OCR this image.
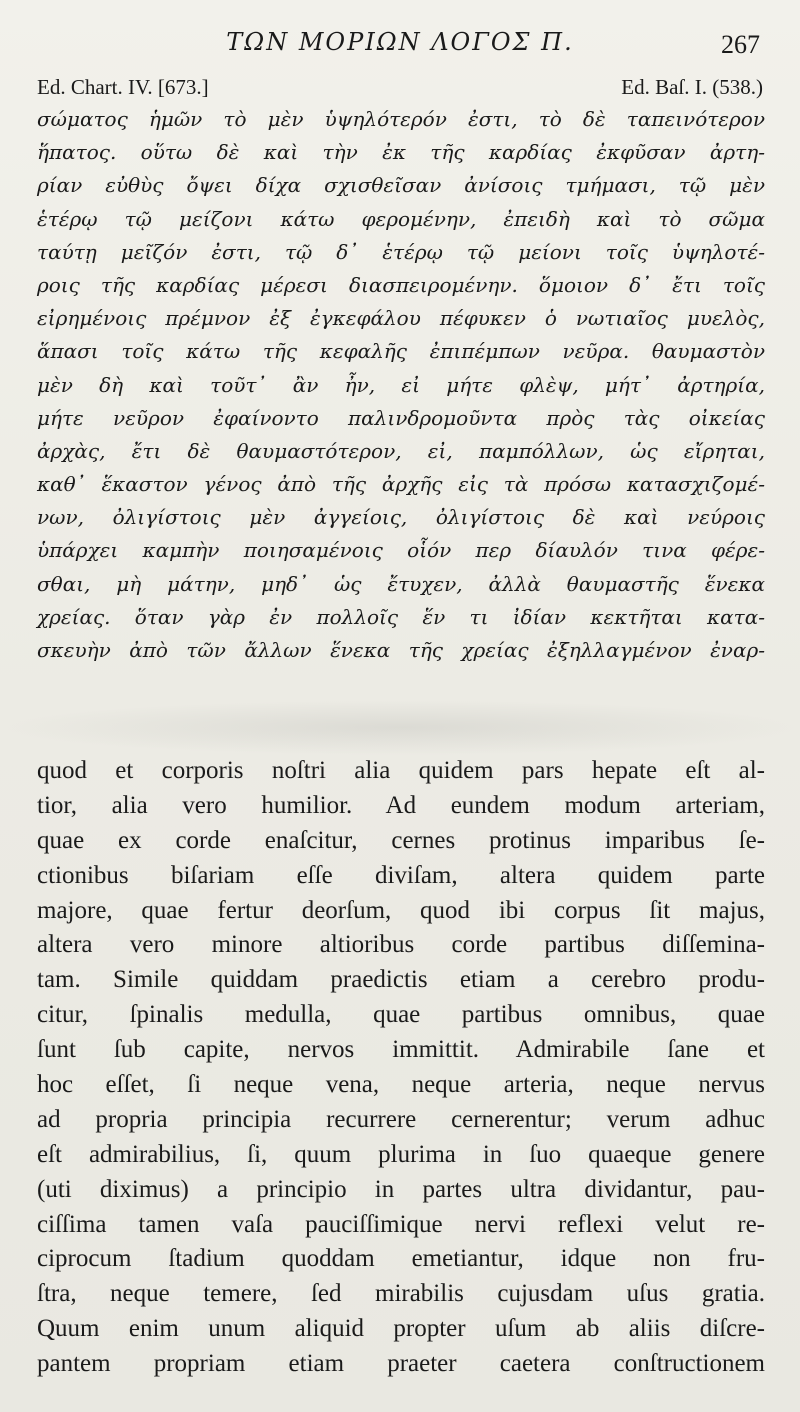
ΤΩΝ ΜΟΡΙΩΝ ΛΟΓΟΣ Π.	267
Ed. Chart. IV. [673.]	Ed. Baſ. I. (538.)
σώματος ἡμῶν τὸ μὲν ὑψηλότερόν ἐστι, τὸ δὲ ταπεινότερον
ἥπατος. οὕτω δὲ καὶ τὴν ἐκ τῆς καρδίας ἐκφῦσαν ἀρτη-
ρίαν εὐθὺς ὄψει δίχα σχισθεῖσαν ἀνίσοις τμήμασι, τῷ μὲν
ἑτέρῳ τῷ μείζονι κάτω φερομένην, ἐπειδὴ καὶ τὸ σῶμα
ταύτῃ μεῖζόν ἐστι, τῷ δ᾽ ἑτέρῳ τῷ μείονι τοῖς ὑψηλοτέ-
ροις τῆς καρδίας μέρεσι διασπειρομένην. ὅμοιον δ᾽ ἔτι τοῖς
εἰρημένοις πρέμνον ἐξ ἐγκεφάλου πέφυκεν ὁ νωτιαῖος μυελὸς,
ἅπασι τοῖς κάτω τῆς κεφαλῆς ἐπιπέμπων νεῦρα. θαυμαστὸν
μὲν δὴ καὶ τοῦτ᾽ ἂν ἦν, εἰ μήτε φλὲψ, μήτ᾽ ἀρτηρία,
μήτε νεῦρον ἐφαίνοντο παλινδρομοῦντα πρὸς τὰς οἰκείας
ἀρχὰς, ἔτι δὲ θαυμαστότερον, εἰ, παμπόλλων, ὡς εἴρηται,
καθ᾽ ἕκαστον γένος ἀπὸ τῆς ἀρχῆς εἰς τὰ πρόσω κατασχιζομέ-
νων, ὀλιγίστοις μὲν ἀγγείοις, ὀλιγίστοις δὲ καὶ νεύροις
ὑπάρχει καμπὴν ποιησαμένοις οἷόν περ δίαυλόν τινα φέρε-
σθαι, μὴ μάτην, μηδ᾽ ὡς ἔτυχεν, ἀλλὰ θαυμαστῆς ἕνεκα
χρείας. ὅταν γὰρ ἐν πολλοῖς ἕν τι ἰδίαν κεκτῆται κατα-
σκευὴν ἀπὸ τῶν ἄλλων ἕνεκα τῆς χρείας ἐξηλλαγμένον ἐναρ-
quod et corporis noſtri alia quidem pars hepate eſt al-
tior, alia vero humilior. Ad eundem modum arteriam,
quae ex corde enaſcitur, cernes protinus imparibus ſe-
ctionibus biſariam eſſe diviſam, altera quidem parte
majore, quae fertur deorſum, quod ibi corpus ſit majus,
altera vero minore altioribus corde partibus diſſemina-
tam. Simile quiddam praedictis etiam a cerebro produ-
citur, ſpinalis medulla, quae partibus omnibus, quae
ſunt ſub capite, nervos immittit. Admirabile ſane et
hoc eſſet, ſi neque vena, neque arteria, neque nervus
ad propria principia recurrere cernerentur; verum adhuc
eſt admirabilius, ſi, quum plurima in ſuo quaeque genere
(uti diximus) a principio in partes ultra dividantur, pau-
ciſſima tamen vaſa pauciſſimique nervi reflexi velut re-
ciprocum ſtadium quoddam emetiantur, idque non fru-
ſtra, neque temere, ſed mirabilis cujusdam uſus gratia.
Quum enim unum aliquid propter uſum ab aliis diſcre-
pantem propriam etiam praeter caetera conſtructionem
